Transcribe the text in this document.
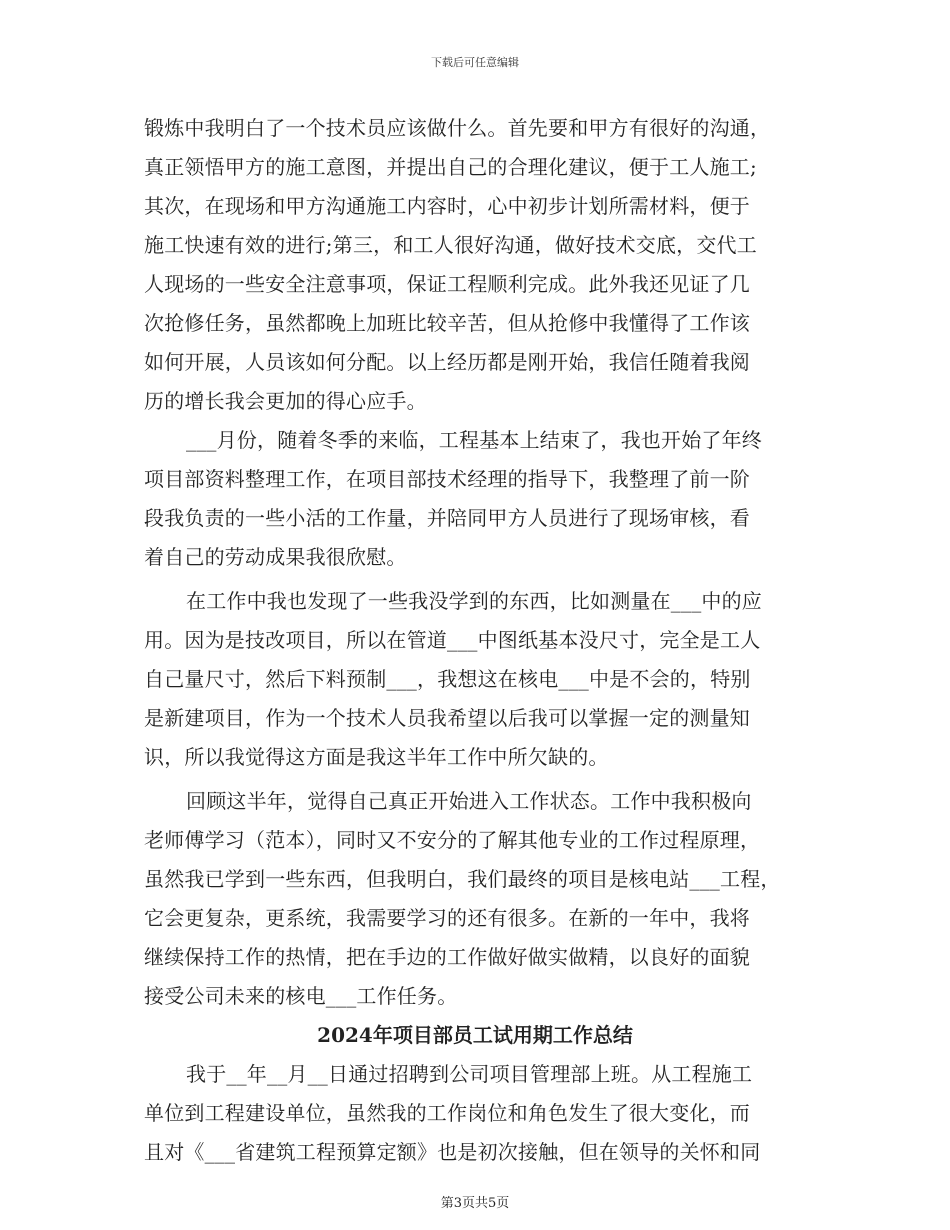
下载后可任意编辑
锻炼中我明白了一个技术员应该做什么。首先要和甲方有很好的沟通，
真正领悟甲方的施工意图，并提出自己的合理化建议，便于工人施工;
其次，在现场和甲方沟通施工内容时，心中初步计划所需材料，便于
施工快速有效的进行;第三，和工人很好沟通，做好技术交底，交代工
人现场的一些安全注意事项，保证工程顺利完成。此外我还见证了几
次抢修任务，虽然都晚上加班比较辛苦，但从抢修中我懂得了工作该
如何开展，人员该如何分配。以上经历都是刚开始，我信任随着我阅
历的增长我会更加的得心应手。
___月份，随着冬季的来临，工程基本上结束了，我也开始了年终
项目部资料整理工作，在项目部技术经理的指导下，我整理了前一阶
段我负责的一些小活的工作量，并陪同甲方人员进行了现场审核，看
着自己的劳动成果我很欣慰。
在工作中我也发现了一些我没学到的东西，比如测量在___中的应
用。因为是技改项目，所以在管道___中图纸基本没尺寸，完全是工人
自己量尺寸，然后下料预制___，我想这在核电___中是不会的，特别
是新建项目，作为一个技术人员我希望以后我可以掌握一定的测量知
识，所以我觉得这方面是我这半年工作中所欠缺的。
回顾这半年，觉得自己真正开始进入工作状态。工作中我积极向
老师傅学习（范本），同时又不安分的了解其他专业的工作过程原理，
虽然我已学到一些东西，但我明白，我们最终的项目是核电站___工程，
它会更复杂，更系统，我需要学习的还有很多。在新的一年中，我将
继续保持工作的热情，把在手边的工作做好做实做精，以良好的面貌
接受公司未来的核电___工作任务。
第3页共5页
2024年项目部员工试用期工作总结
我于__年__月__日通过招聘到公司项目管理部上班。从工程施工
单位到工程建设单位，虽然我的工作岗位和角色发生了很大变化，而
且对《___省建筑工程预算定额》也是初次接触，但在领导的关怀和同
